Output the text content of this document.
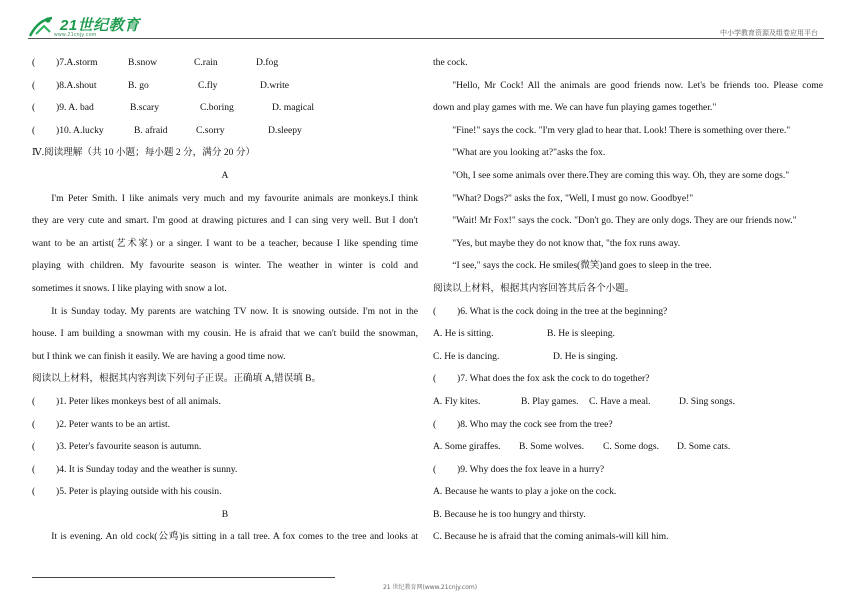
21世纪教育
www.21cnjy.com	中小学教育资源及组卷应用平台
( )7.A.storm	B.snow	C.rain	D.fog
( )8.A.shout	B. go	C.fly	D.write
( )9. A. bad	B.scary	C.boring	D. magical
( )10. A.lucky	B. afraid	C.sorry	D.sleepy
Ⅳ.阅读理解（共 10 小题；每小题 2 分，满分 20 分）
A
I'm Peter Smith. I like animals very much and my favourite animals are monkeys.I think
they are very cute and smart. I'm good at drawing pictures and I can sing very well. But I don't
want to be an artist(艺术家) or a singer. I want to be a teacher, because I like spending time
playing with children. My favourite season is winter. The weather in winter is cold and
sometimes it snows. I like playing with snow a lot.
It is Sunday today. My parents are watching TV now. It is snowing outside. I'm not in the
house. I am building a snowman with my cousin. He is afraid that we can't build the snowman,
but I think we can finish it easily. We are having a good time now.
阅读以上材料，根据其内容判读下列句子正误。正确填 A,错误填 B。
( )1. Peter likes monkeys best of all animals.
( )2. Peter wants to be an artist.
( )3. Peter's favourite season is autumn.
( )4. It is Sunday today and the weather is sunny.
( )5. Peter is playing outside with his cousin.
B
It is evening. An old cock(公鸡)is sitting in a tall tree. A fox comes to the tree and looks at
the cock.
"Hello, Mr Cock! All the animals are good friends now. Let's be friends too. Please come
down and play games with me. We can have fun playing games together."
"Fine!" says the cock. "I'm very glad to hear that. Look! There is something over there."
"What are you looking at?"asks the fox.
"Oh, I see some animals over there.They are coming this way. Oh, they are some dogs."
"What? Dogs?" asks the fox, "Well, I must go now. Goodbye!"
"Wait! Mr Fox!" says the cock. "Don't go. They are only dogs. They are our friends now."
"Yes, but maybe they do not know that, "the fox runs away.
“I see," says the cock. He smiles(微笑)and goes to sleep in the tree.
阅读以上材料，根据其内容回答其后各个小题。
( )6. What is the cock doing in the tree at the beginning?
A. He is sitting.	B. He is sleeping.
C. He is dancing.	D. He is singing.
( )7. What does the fox ask the cock to do together?
A. Fly kites.	B. Play games. C. Have a meal.	D. Sing songs.
( )8. Who may the cock see from the tree?
A. Some giraffes. B. Some wolves. C. Some dogs. D. Some cats.
( )9. Why does the fox leave in a hurry?
A. Because he wants to play a joke on the cock.
B. Because he is too hungry and thirsty.
C. Because he is afraid that the coming animals-will kill him.
21 世纪教育网(www.21cnjy.com)
